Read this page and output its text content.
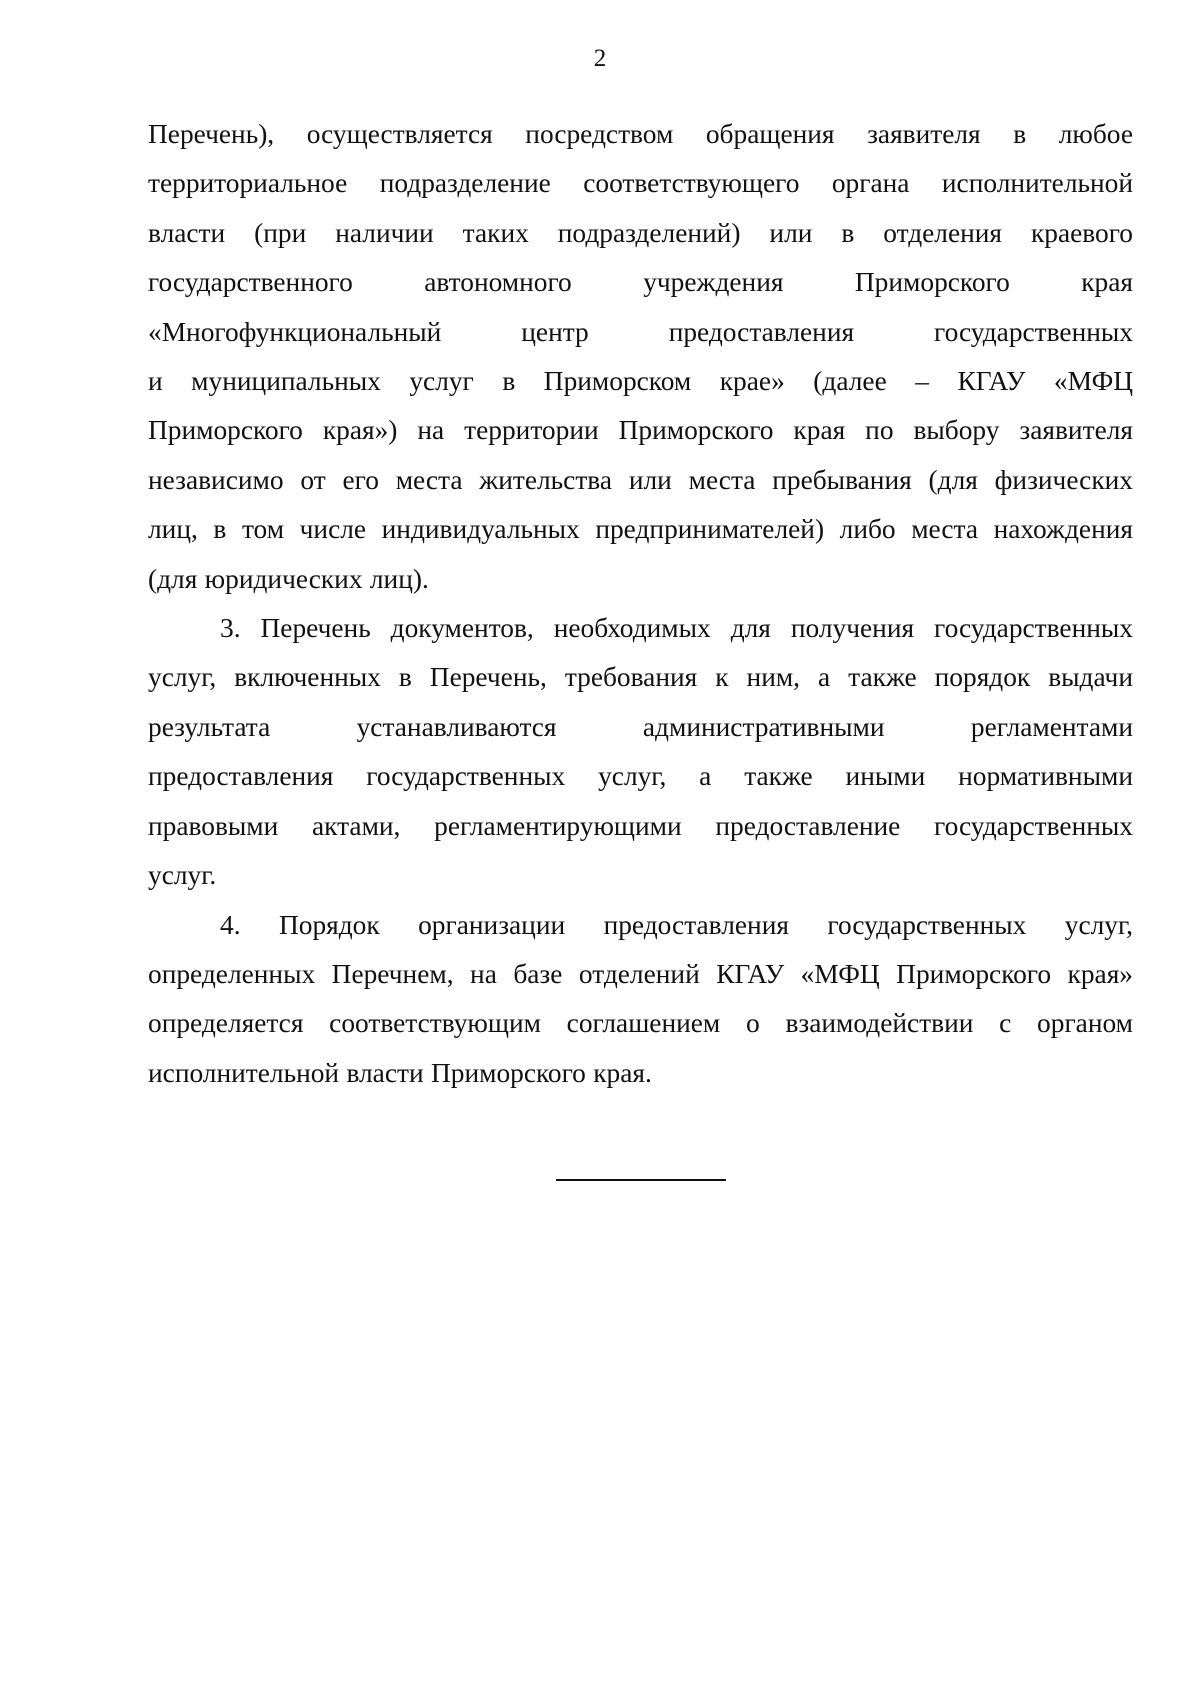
2
Перечень), осуществляется посредством обращения заявителя в любое
территориальное подразделение соответствующего органа исполнительной
власти (при наличии таких подразделений) или в отделения краевого
государственного автономного учреждения Приморского края
«Многофункциональный центр предоставления государственных
и муниципальных услуг в Приморском крае» (далее – КГАУ «МФЦ
Приморского края») на территории Приморского края по выбору заявителя
независимо от его места жительства или места пребывания (для физических
лиц, в том числе индивидуальных предпринимателей) либо места нахождения
(для юридических лиц).
3. Перечень документов, необходимых для получения государственных
услуг, включенных в Перечень, требования к ним, а также порядок выдачи
результата устанавливаются административными регламентами
предоставления государственных услуг, а также иными нормативными
правовыми актами, регламентирующими предоставление государственных
услуг.
4. Порядок организации предоставления государственных услуг,
определенных Перечнем, на базе отделений КГАУ «МФЦ Приморского края»
определяется соответствующим соглашением о взаимодействии с органом
исполнительной власти Приморского края.
